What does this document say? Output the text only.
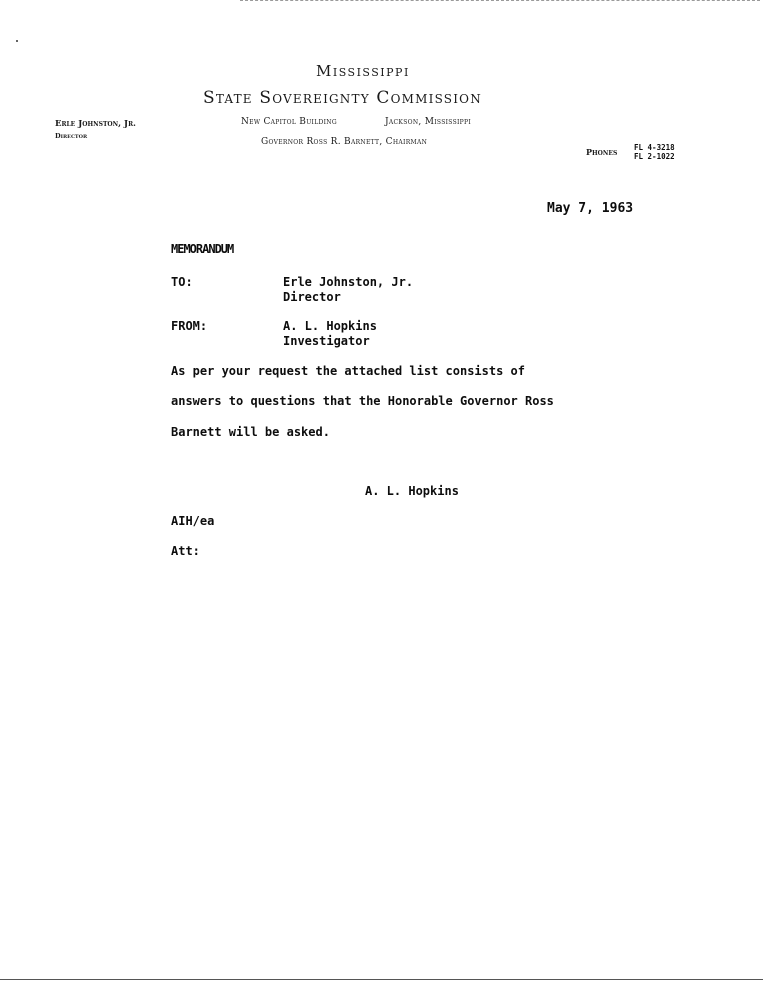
Mississippi
State Sovereignty Commission
New Capitol Building	Jackson, Mississippi
Governor Ross R. Barnett, Chairman
Erle Johnston, Jr.
Director
Phones FL 4-3218
FL 2-1022
May 7, 1963
MEMORANDUM
TO:	Erle Johnston, Jr.
Director
FROM:	A. L. Hopkins
Investigator
As per your request the attached list consists of
answers to questions that the Honorable Governor Ross
Barnett will be asked.
A. L. Hopkins
AIH/ea
Att:
